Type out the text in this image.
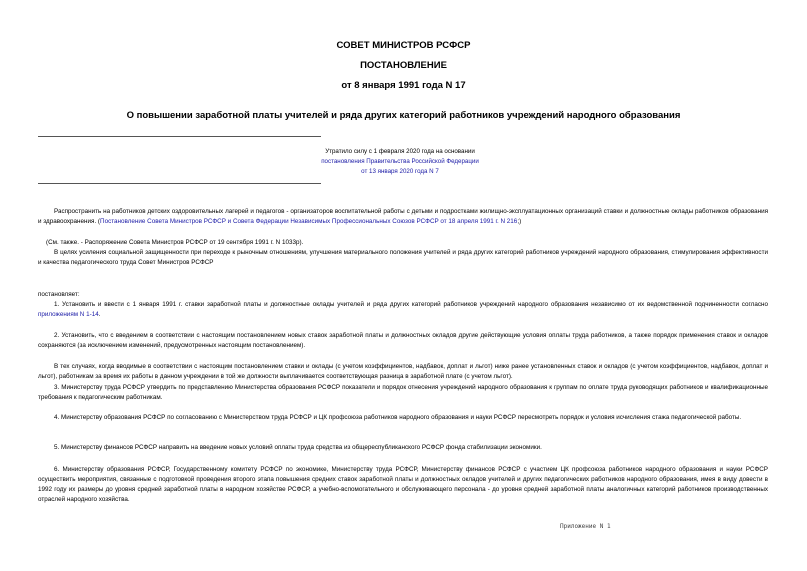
СОВЕТ МИНИСТРОВ РСФСР
ПОСТАНОВЛЕНИЕ
от 8 января 1991 года N 17
О повышении заработной платы учителей и ряда других категорий работников учреждений народного образования
Утратило силу с 1 февраля 2020 года на основании
постановления Правительства Российской Федерации
от 13 января 2020 года N 7
Распространить на работников детских оздоровительных лагерей и педагогов - организаторов воспитательной работы с детьми и подростками жилищно-эксплуатационных организаций ставки и должностные оклады работников образования и здравоохранения. (Постановление Совета Министров РСФСР и Совета Федерации Независимых Профессиональных Союзов РСФСР от 18 апреля 1991 г. N 216;)
(См. также. - Распоряжение Совета Министров РСФСР от 19 сентября 1991 г. N 1033р).
В целях усиления социальной защищенности при переходе к рыночным отношениям, улучшения материального положения учителей и ряда других категорий работников учреждений народного образования, стимулирования эффективности и качества педагогического труда Совет Министров РСФСР
постановляет:
1. Установить и ввести с 1 января 1991 г. ставки заработной платы и должностные оклады учителей и ряда других категорий работников учреждений народного образования независимо от их ведомственной подчиненности согласно приложениям N 1-14.
2. Установить, что с введением в соответствии с настоящим постановлением новых ставок заработной платы и должностных окладов другие действующие условия оплаты труда работников, а также порядок применения ставок и окладов сохраняются (за исключением изменений, предусмотренных настоящим постановлением).
В тех случаях, когда вводимые в соответствии с настоящим постановлением ставки и оклады (с учетом коэффициентов, надбавок, доплат и льгот) ниже ранее установленных ставок и окладов (с учетом коэффициентов, надбавок, доплат и льгот), работникам за время их работы в данном учреждении в той же должности выплачивается соответствующая разница в заработной плате (с учетом льгот).
3. Министерству труда РСФСР утвердить по представлению Министерства образования РСФСР показатели и порядок отнесения учреждений народного образования к группам по оплате труда руководящих работников и квалификационные требования к педагогическим работникам.
4. Министерству образования РСФСР по согласованию с Министерством труда РСФСР и ЦК профсоюза работников народного образования и науки РСФСР пересмотреть порядок и условия исчисления стажа педагогической работы.
5. Министерству финансов РСФСР направить на введение новых условий оплаты труда средства из общереспубликанского РСФСР фонда стабилизации экономики.
6. Министерству образования РСФСР, Государственному комитету РСФСР по экономике, Министерству труда РСФСР, Министерству финансов РСФСР с участием ЦК профсоюза работников народного образования и науки РСФСР осуществить мероприятия, связанные с подготовкой проведения второго этапа повышения средних ставок заработной платы и должностных окладов учителей и других педагогических работников народного образования, имея в виду довести в 1992 году их размеры до уровня средней заработной платы в народном хозяйстве РСФСР, а учебно-вспомогательного и обслуживающего персонала - до уровня средней заработной платы аналогичных категорий работников производственных отраслей народного хозяйства.
Приложение N 1
